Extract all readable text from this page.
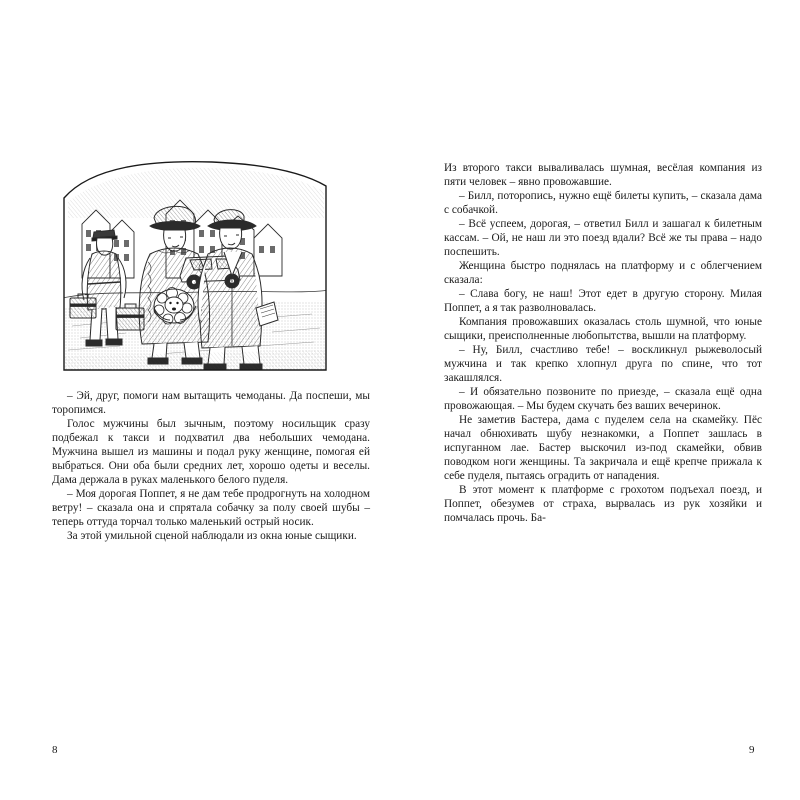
– Эй, друг, помоги нам вытащить чемоданы. Да поспеши, мы торопимся.

Голос мужчины был зычным, поэтому носильщик сразу подбежал к такси и подхватил два небольших чемодана. Мужчина вышел из машины и подал руку женщине, помогая ей выбраться. Они оба были средних лет, хорошо одеты и веселы. Дама держала в руках маленького белого пуделя.

– Моя дорогая Поппет, я не дам тебе продрогнуть на холодном ветру! – сказала она и спрятала собачку за полу своей шубы – теперь оттуда торчал только маленький острый носик.

За этой умильной сценой наблюдали из окна юные сыщики.

Из второго такси вываливалась шумная, весёлая компания из пяти человек – явно провожавшие.

– Билл, поторопись, нужно ещё билеты купить, – сказала дама с собачкой.

– Всё успеем, дорогая, – ответил Билл и зашагал к билетным кассам. – Ой, не наш ли это поезд вдали? Всё же ты права – надо поспешить.

Женщина быстро поднялась на платформу и с облегчением сказала:

– Слава богу, не наш! Этот едет в другую сторону. Милая Поппет, а я так разволновалась.

Компания провожавших оказалась столь шумной, что юные сыщики, преисполненные любопытства, вышли на платформу.

– Ну, Билл, счастливо тебе! – воскликнул рыжеволосый мужчина и так крепко хлопнул друга по спине, что тот закашлялся.

– И обязательно позвоните по приезде, – сказала ещё одна провожающая. – Мы будем скучать без ваших вечеринок.

Не заметив Бастера, дама с пуделем села на скамейку. Пёс начал обнюхивать шубу незнакомки, а Поппет зашлась в испуганном лае. Бастер выскочил из-под скамейки, обвив поводком ноги женщины. Та закричала и ещё крепче прижала к себе пуделя, пытаясь оградить от нападения.

В этот момент к платформе с грохотом подъехал поезд, и Поппет, обезумев от страха, вырвалась из рук хозяйки и помчалась прочь. Ба-

8	9
